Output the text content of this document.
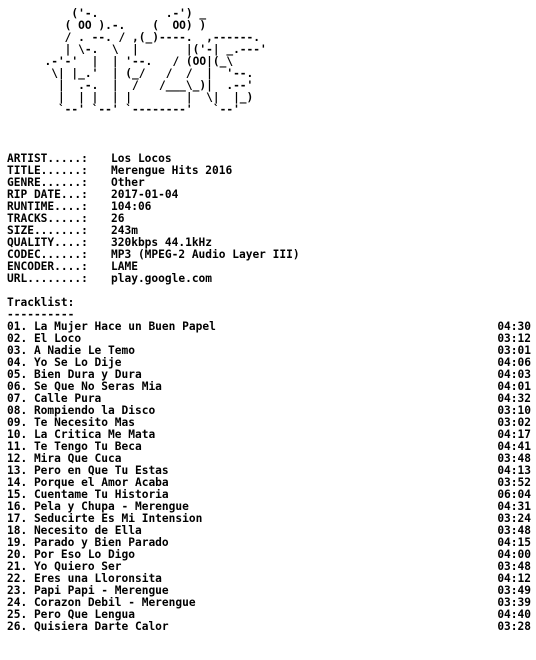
('-.          .-') _
( OO ).-.    (  OO) )
/ . --. / ,(_)----.  ,------.
| \-.  \  |       |('-| _.---'
.-'-'  |  | '--.   / (OO|(_\
\| |_.'  | (_/   /  /  |  '--.
|  .-.  |  /   /___\_)|  .--'
|  | |  | |        |  \|  |_)
`--' `--' `--------'   `--'
ARTIST.....:	Los Locos
TITLE......:	Merengue Hits 2016
GENRE......:	Other
RIP DATE...:	2017-01-04
RUNTIME....:	104:06
TRACKS.....:	26
SIZE.......:	243m
QUALITY....:	320kbps 44.1kHz
CODEC......:	MP3 (MPEG-2 Audio Layer III)
ENCODER....:	LAME
URL........:	play.google.com
Tracklist:
----------
01. La Mujer Hace un Buen Papel	04:30
02. El Loco	03:12
03. A Nadie Le Temo	03:01
04. Yo Se Lo Dije	04:06
05. Bien Dura y Dura	04:03
06. Se Que No Seras Mia	04:01
07. Calle Pura	04:32
08. Rompiendo la Disco	03:10
09. Te Necesito Mas	03:02
10. La Critica Me Mata	04:17
11. Te Tengo Tu Beca	04:41
12. Mira Que Cuca	03:48
13. Pero en Que Tu Estas	04:13
14. Porque el Amor Acaba	03:52
15. Cuentame Tu Historia	06:04
16. Pela y Chupa - Merengue	04:31
17. Seducirte Es Mi Intension	03:24
18. Necesito de Ella	03:48
19. Parado y Bien Parado	04:15
20. Por Eso Lo Digo	04:00
21. Yo Quiero Ser	03:48
22. Eres una Lloronsita	04:12
23. Papi Papi - Merengue	03:49
24. Corazon Debil - Merengue	03:39
25. Pero Que Lengua	04:40
26. Quisiera Darte Calor	03:28
